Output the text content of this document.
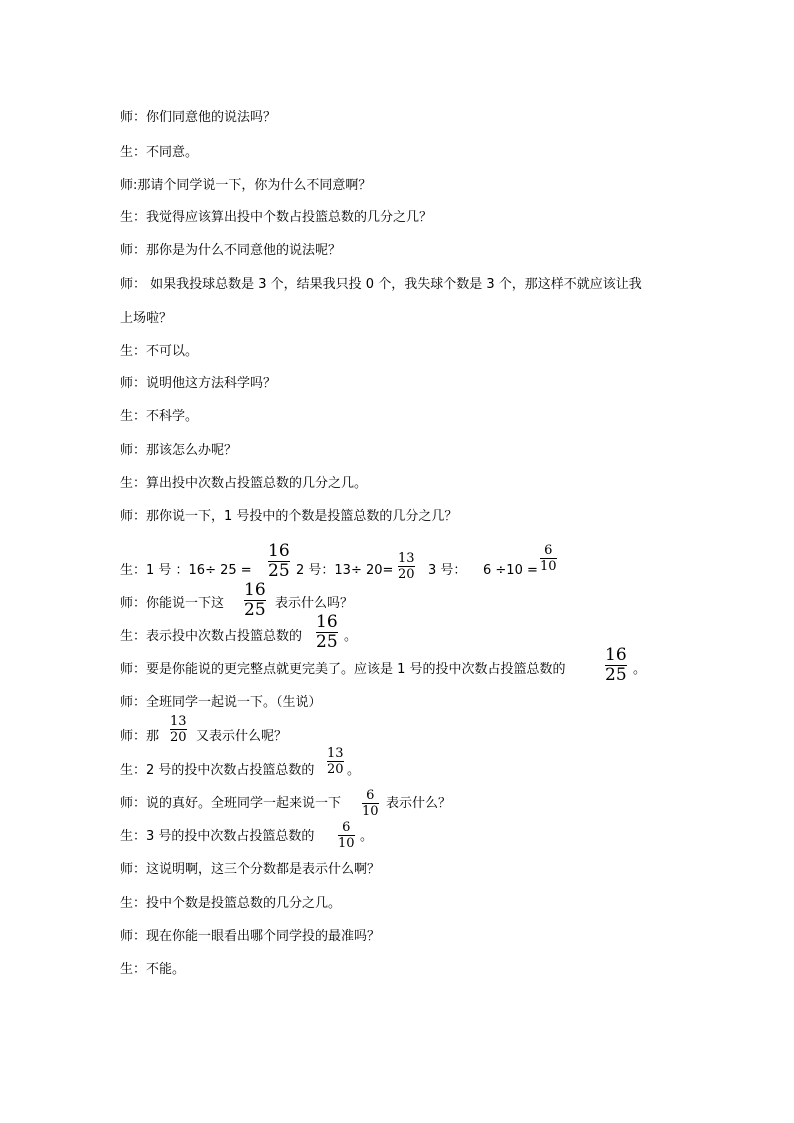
师：你们同意他的说法吗？
生：不同意。
师:那请个同学说一下，你为什么不同意啊？
生：我觉得应该算出投中个数占投篮总数的几分之几？
师：那你是为什么不同意他的说法呢？
师： 如果我投球总数是 3 个，结果我只投 0 个，我失球个数是 3 个，那这样不就应该让我
上场啦？
生：不可以。
师：说明他这方法科学吗？
生：不科学。
师：那该怎么办呢？
生：算出投中次数占投篮总数的几分之几。
师：那你说一下，1 号投中的个数是投篮总数的几分之几？
生：1 号 ：16÷ 25 =
16
25 2 号：13÷ 20=
13
20 3 号： 6 ÷10 =
6
10
师：你能说一下这
16
25 表示什么吗？
生：表示投中次数占投篮总数的
16
25 。
师：要是你能说的更完整点就更完美了。应该是 1 号的投中次数占投篮总数的
16
25 。
师：全班同学一起说一下。（生说）
师：那
13
20 又表示什么呢？
生：2 号的投中次数占投篮总数的
13
20 。
师：说的真好。全班同学一起来说一下
6
10
表示什么？
生：3 号的投中次数占投篮总数的
6
10 。
师：这说明啊，这三个分数都是表示什么啊？
生：投中个数是投篮总数的几分之几。
师：现在你能一眼看出哪个同学投的最准吗？
生：不能。
